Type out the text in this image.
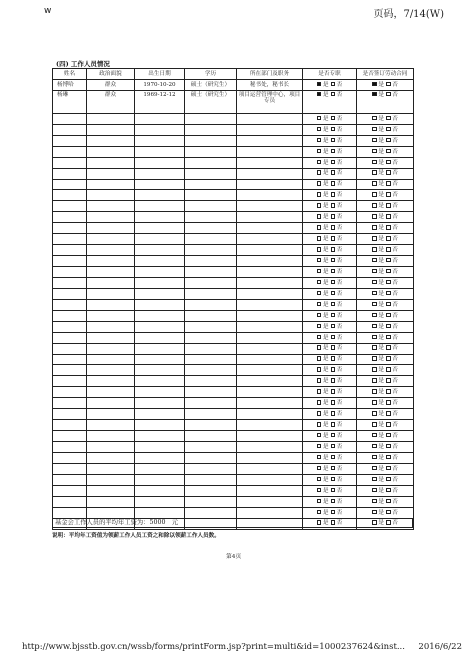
w	页码，7/14(W)
(四) 工作人员情况
姓名	政治面貌	出生日期	学历	所在部门及职务	是否专职	是否签订劳动合同
杨博哈	群众	1970-10-20	硕士（研究生）	秘书处，秘书长	是 否	是 否
杨琳	群众	1969-12-12	硕士（研究生）	项目运营管理中心，项目专员	是 否	是 否
					是 否	是 否
					是 否	是 否
					是 否	是 否
					是 否	是 否
					是 否	是 否
					是 否	是 否
					是 否	是 否
					是 否	是 否
					是 否	是 否
					是 否	是 否
					是 否	是 否
					是 否	是 否
					是 否	是 否
					是 否	是 否
					是 否	是 否
					是 否	是 否
					是 否	是 否
					是 否	是 否
					是 否	是 否
					是 否	是 否
					是 否	是 否
					是 否	是 否
					是 否	是 否
					是 否	是 否
					是 否	是 否
					是 否	是 否
					是 否	是 否
					是 否	是 否
					是 否	是 否
					是 否	是 否
					是 否	是 否
					是 否	是 否
					是 否	是 否
					是 否	是 否
					是 否	是 否
					是 否	是 否
					是 否	是 否
					是 否	是 否
基金会工作人员的平均年工资为：5000　元
说明：平均年工资值为领薪工作人员工资之和除以领薪工作人员数。
第4页
http://www.bjsstb.gov.cn/wssb/forms/printForm.jsp?print=multi&id=1000237624&inst... 2016/6/22
